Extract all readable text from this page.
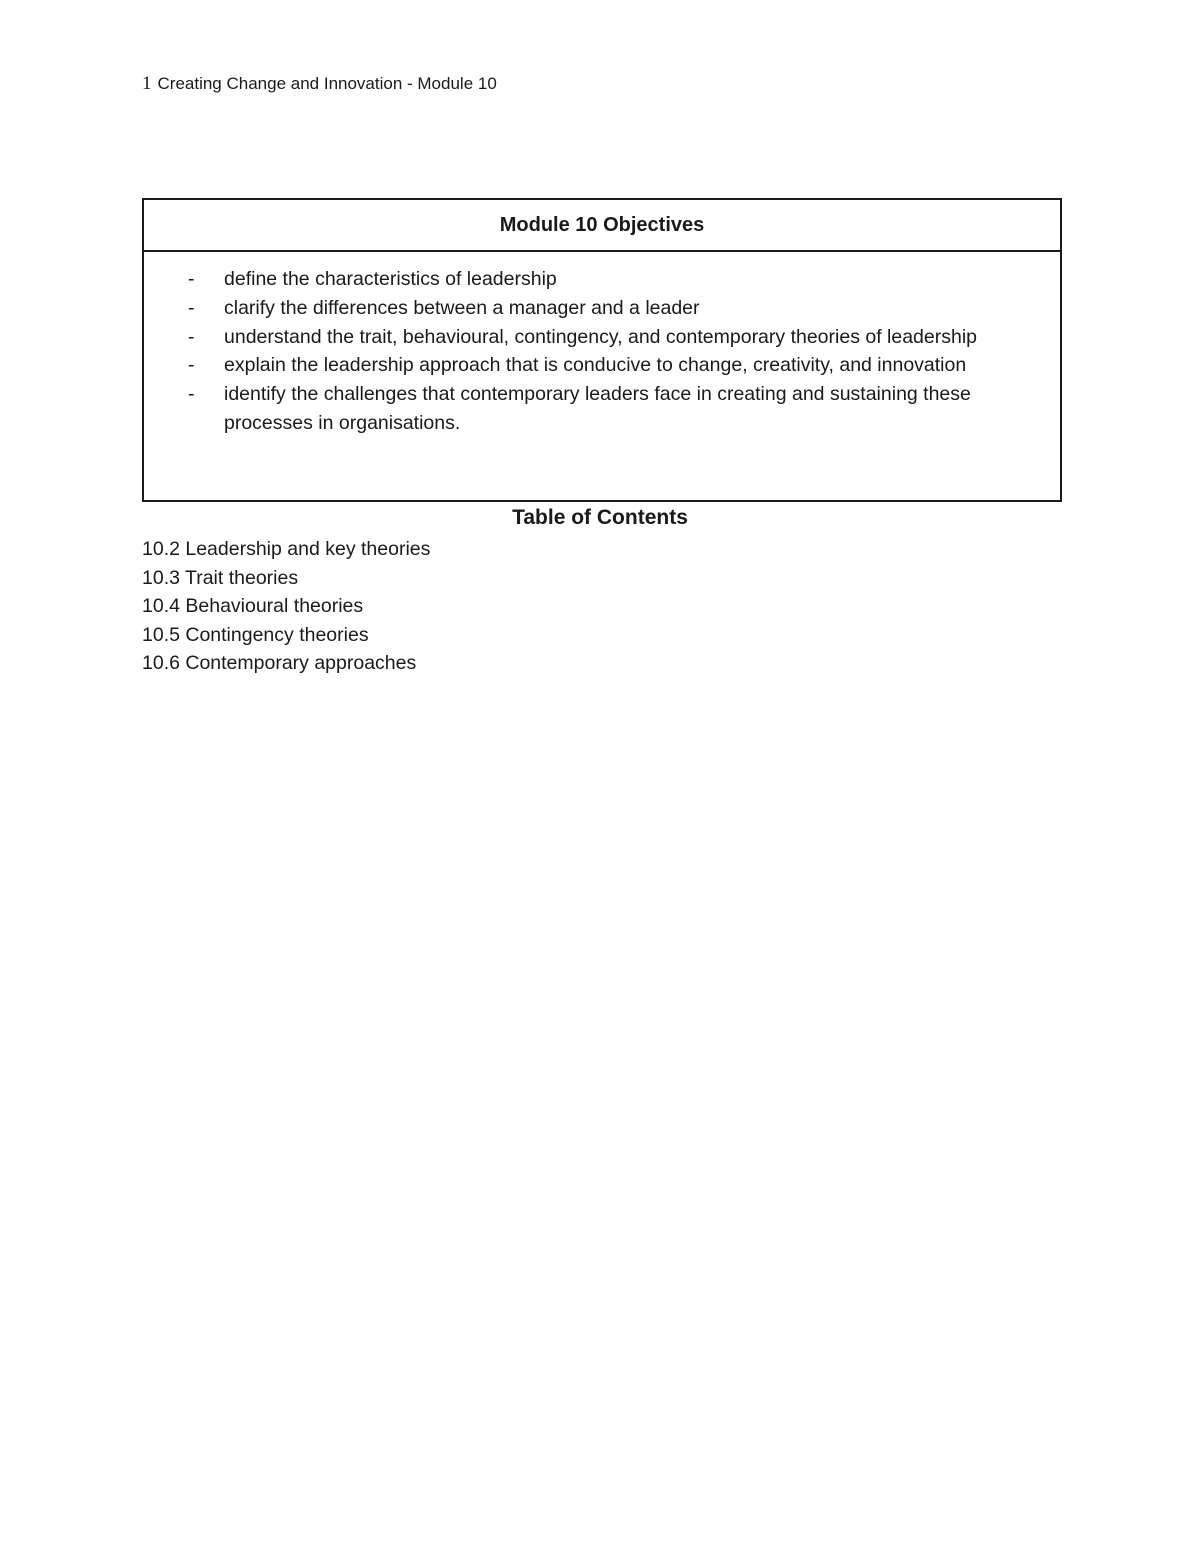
1 Creating Change and Innovation - Module 10
Module 10 Objectives
- define the characteristics of leadership
- clarify the differences between a manager and a leader
- understand the trait, behavioural, contingency, and contemporary theories of leadership
- explain the leadership approach that is conducive to change, creativity, and innovation
- identify the challenges that contemporary leaders face in creating and sustaining these processes in organisations.
Table of Contents
10.2 Leadership and key theories
10.3 Trait theories
10.4 Behavioural theories
10.5 Contingency theories
10.6 Contemporary approaches
